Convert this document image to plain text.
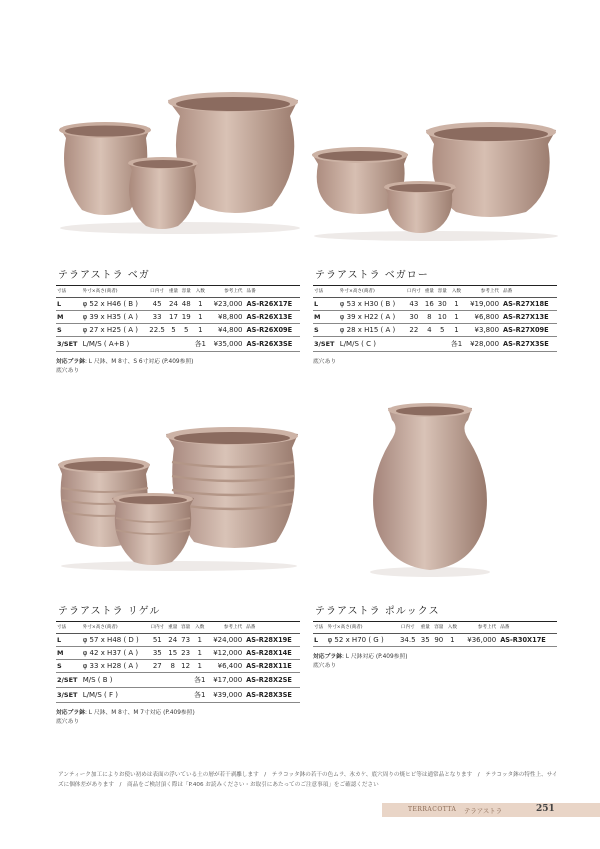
テラアストラ ベガ
寸法	外寸×高さ(商者)	口内寸	重量	容量	入数	参考上代	品番
L	φ 52 x H46 ( B )	45	24	48	1	¥23,000	AS-R26X17E
M	φ 39 x H35 ( A )	33	17	19	1	¥8,800	AS-R26X13E
S	φ 27 x H25 ( A )	22.5	5	5	1	¥4,800	AS-R26X09E
3/SET	L/M/S ( A+B )				各1	¥35,000	AS-R26X3SE
対応プラ鉢: L 尺鉢、M 8寸、S 6寸対応 (P.409参照)
底穴あり
テラアストラ ベガロー
寸法	外寸×高さ(商者)	口内寸	重量	容量	入数	参考上代	品番
L	φ 53 x H30 ( B )	43	16	30	1	¥19,000	AS-R27X18E
M	φ 39 x H22 ( A )	30	8	10	1	¥6,800	AS-R27X13E
S	φ 28 x H15 ( A )	22	4	5	1	¥3,800	AS-R27X09E
3/SET	L/M/S ( C )				各1	¥28,000	AS-R27X3SE
底穴あり
テラアストラ リゲル
寸法	外寸×高さ(商者)	口内寸	重量	容量	入数	参考上代	品番
L	φ 57 x H48 ( D )	51	24	73	1	¥24,000	AS-R28X19E
M	φ 42 x H37 ( A )	35	15	23	1	¥12,000	AS-R28X14E
S	φ 33 x H28 ( A )	27	8	12	1	¥6,400	AS-R28X11E
2/SET	M/S ( B )				各1	¥17,000	AS-R28X2SE
3/SET	L/M/S ( F )				各1	¥39,000	AS-R28X3SE
対応プラ鉢: L 尺鉢、M 8寸、M 7寸対応 (P.409参照)
底穴あり
テラアストラ ポルックス
寸法	外寸×高さ(商者)	口内寸	重量	容量	入数	参考上代	品番
L	φ 52 x H70 ( G )	34.5	35	90	1	¥36,000	AS-R30X17E
対応プラ鉢: L 尺鉢対応 (P.409参照)
底穴あり
アンティーク加工によりお使い初めは表面の浮いている土の層が若干剥離します　/　テラコッタ鉢の若干の色ムラ、氷カケ、底穴周りの焼ヒビ等は通常品となります　/　テラコッタ鉢の特性上、サイズに個体差があります　/　商品をご検討頂く際は「P.406 お読みください・お取引にあたってのご注意事項」をご確認ください
TERRACOTTA テラアストラ	251
